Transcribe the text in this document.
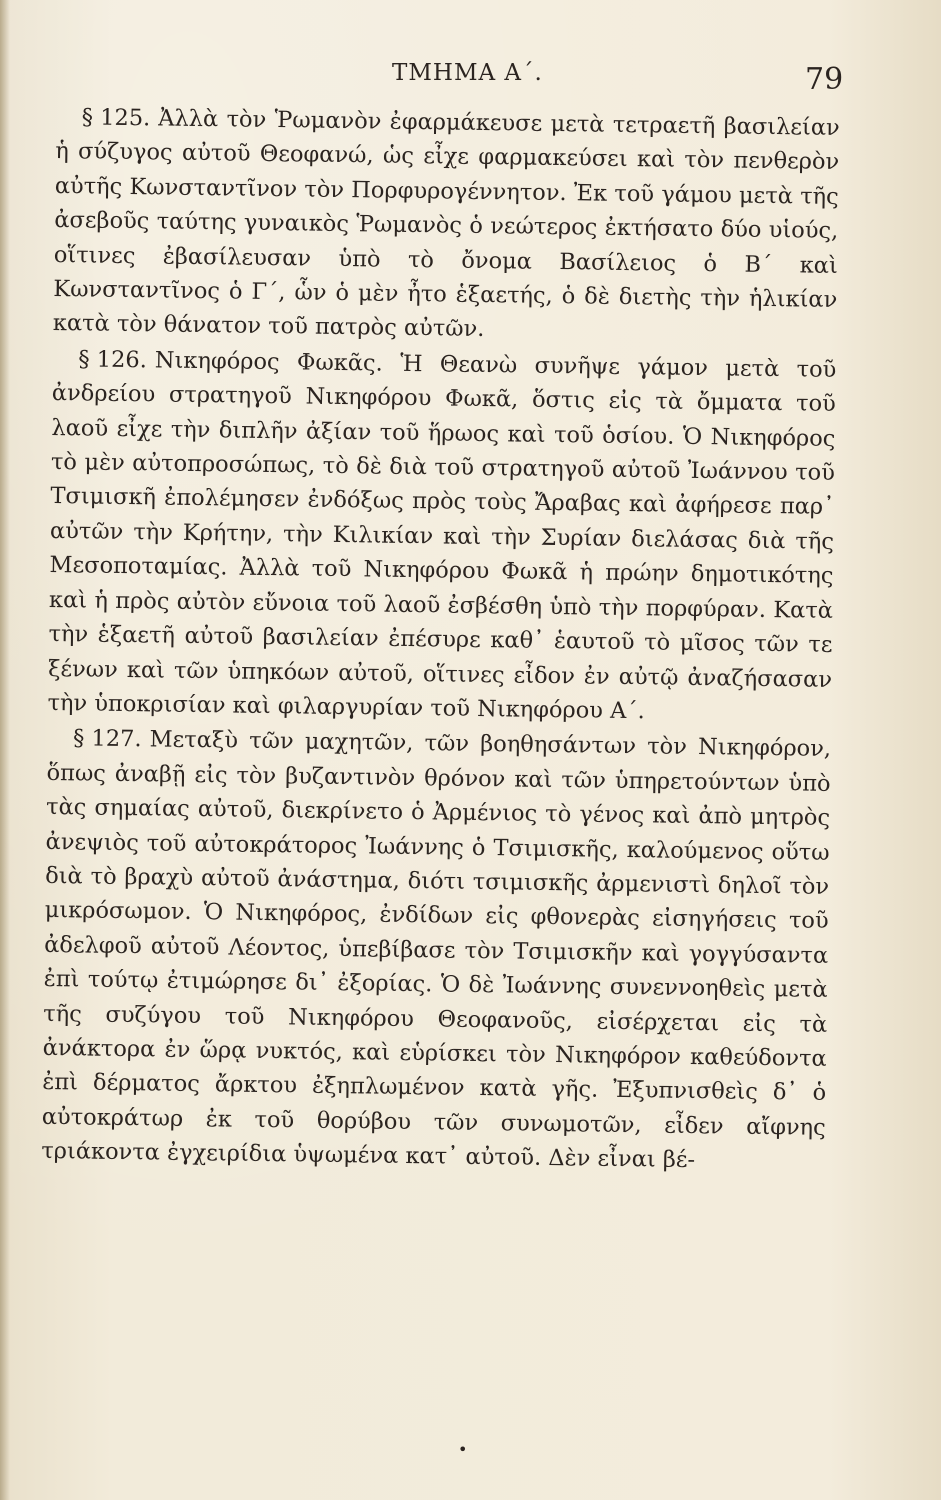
ΤΜΗΜΑ Α΄.	79

§ 125. Ἀλλὰ τὸν Ῥωμανὸν ἐφαρμάκευσε μετὰ τετραετῆ βασιλείαν ἡ σύζυγος αὐτοῦ Θεοφανώ, ὡς εἶχε φαρμακεύσει καὶ τὸν πενθερὸν αὐτῆς Κωνσταντῖνον τὸν Πορφυρογέννητον. Ἐκ τοῦ γάμου μετὰ τῆς ἀσεβοῦς ταύτης γυναικὸς Ῥωμανὸς ὁ νεώτερος ἐκτήσατο δύο υἱούς, οἵτινες ἐβασίλευσαν ὑπὸ τὸ ὄνομα Βασίλειος ὁ Β΄ καὶ Κωνσταντῖνος ὁ Γ΄, ὧν ὁ μὲν ἦτο ἑξαετής, ὁ δὲ διετὴς τὴν ἡλικίαν κατὰ τὸν θάνατον τοῦ πατρὸς αὐτῶν.

§ 126. Νικηφόρος Φωκᾶς. Ἡ Θεανὼ συνῆψε γάμον μετὰ τοῦ ἀνδρείου στρατηγοῦ Νικηφόρου Φωκᾶ, ὅστις εἰς τὰ ὄμματα τοῦ λαοῦ εἶχε τὴν διπλῆν ἀξίαν τοῦ ἥρωος καὶ τοῦ ὁσίου. Ὁ Νικηφόρος τὸ μὲν αὐτοπροσώπως, τὸ δὲ διὰ τοῦ στρατηγοῦ αὐτοῦ Ἰωάννου τοῦ Τσιμισκῆ ἐπολέμησεν ἐνδόξως πρὸς τοὺς Ἄραβας καὶ ἀφήρεσε παρ᾽ αὐτῶν τὴν Κρήτην, τὴν Κιλικίαν καὶ τὴν Συρίαν διελάσας διὰ τῆς Μεσοποταμίας. Ἀλλὰ τοῦ Νικηφόρου Φωκᾶ ἡ πρώην δημοτικότης καὶ ἡ πρὸς αὐτὸν εὔνοια τοῦ λαοῦ ἐσβέσθη ὑπὸ τὴν πορφύραν. Κατὰ τὴν ἑξαετῆ αὐτοῦ βασιλείαν ἐπέσυρε καθ᾽ ἑαυτοῦ τὸ μῖσος τῶν τε ξένων καὶ τῶν ὑπηκόων αὐτοῦ, οἵτινες εἶδον ἐν αὐτῷ ἀναζήσασαν τὴν ὑποκρισίαν καὶ φιλαργυρίαν τοῦ Νικηφόρου Α΄.

§ 127. Μεταξὺ τῶν μαχητῶν, τῶν βοηθησάντων τὸν Νικηφόρον, ὅπως ἀναβῇ εἰς τὸν βυζαντινὸν θρόνον καὶ τῶν ὑπηρετούντων ὑπὸ τὰς σημαίας αὐτοῦ, διεκρίνετο ὁ Ἀρμένιος τὸ γένος καὶ ἀπὸ μητρὸς ἀνεψιὸς τοῦ αὐτοκράτορος Ἰωάννης ὁ Τσιμισκῆς, καλούμενος οὕτω διὰ τὸ βραχὺ αὐτοῦ ἀνάστημα, διότι τσιμισκῆς ἀρμενιστὶ δηλοῖ τὸν μικρόσωμον. Ὁ Νικηφόρος, ἐνδίδων εἰς φθονερὰς εἰσηγήσεις τοῦ ἀδελφοῦ αὐτοῦ Λέοντος, ὑπεβίβασε τὸν Τσιμισκῆν καὶ γογγύσαντα ἐπὶ τούτῳ ἐτιμώρησε δι᾽ ἐξορίας. Ὁ δὲ Ἰωάννης συνεννοηθεὶς μετὰ τῆς συζύγου τοῦ Νικηφόρου Θεοφανοῦς, εἰσέρχεται εἰς τὰ ἀνάκτορα ἐν ὥρᾳ νυκτός, καὶ εὑρίσκει τὸν Νικηφόρον καθεύδοντα ἐπὶ δέρματος ἄρκτου ἐξηπλωμένον κατὰ γῆς. Ἐξυπνισθεὶς δ᾽ ὁ αὐτοκράτωρ ἐκ τοῦ θορύβου τῶν συνωμοτῶν, εἶδεν αἴφνης τριάκοντα ἐγχειρίδια ὑψωμένα κατ᾽ αὐτοῦ. Δὲν εἶναι βέ-

•
